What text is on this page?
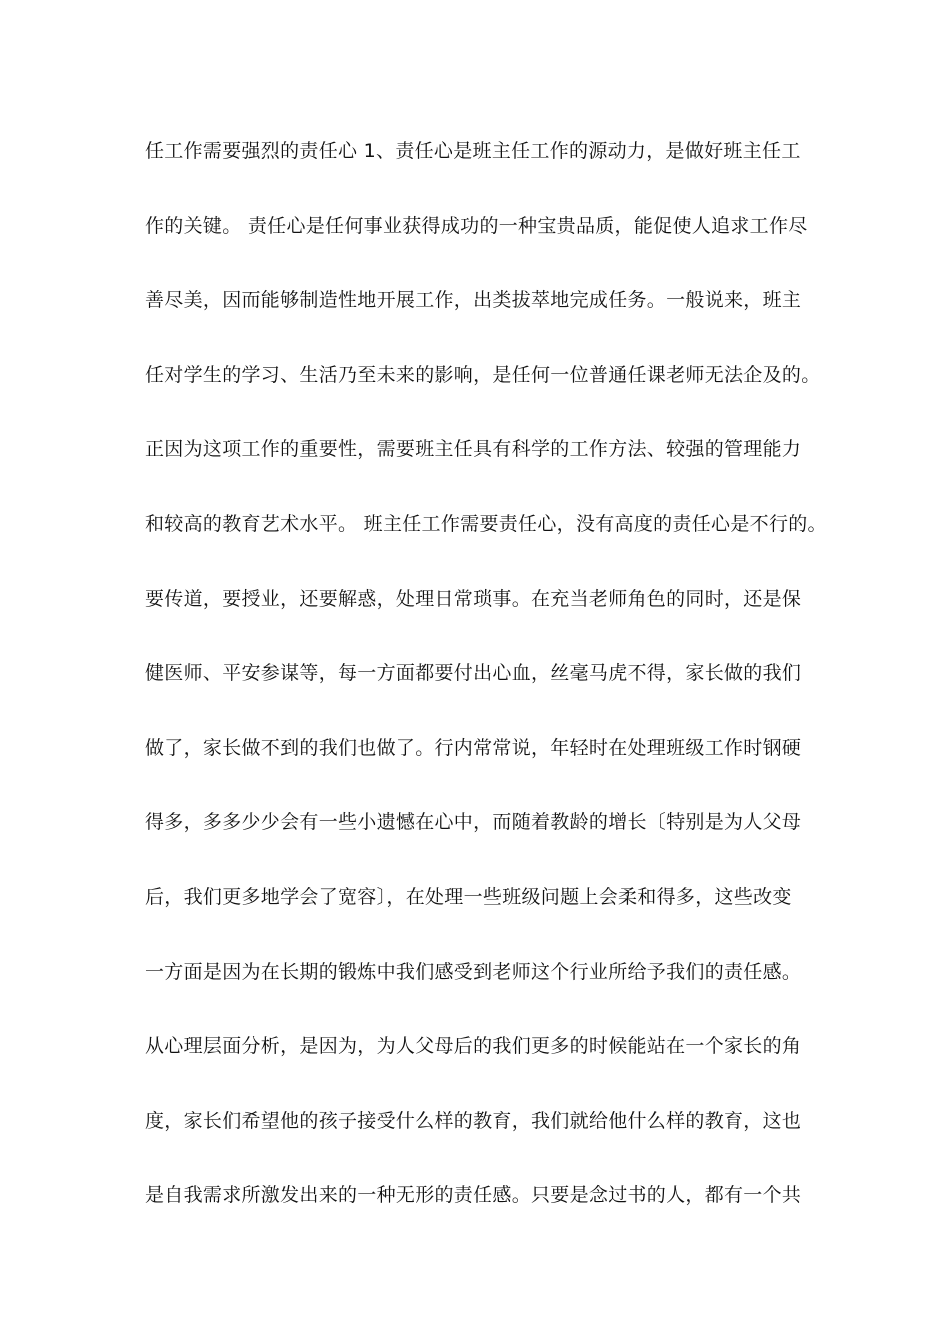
任工作需要强烈的责任心 1、责任心是班主任工作的源动力，是做好班主任工
作的关键。 责任心是任何事业获得成功的一种宝贵品质，能促使人追求工作尽
善尽美，因而能够制造性地开展工作，出类拔萃地完成任务。一般说来，班主
任对学生的学习、生活乃至未来的影响，是任何一位普通任课老师无法企及的。
正因为这项工作的重要性，需要班主任具有科学的工作方法、较强的管理能力
和较高的教育艺术水平。 班主任工作需要责任心，没有高度的责任心是不行的。
要传道，要授业，还要解惑，处理日常琐事。在充当老师角色的同时，还是保
健医师、平安参谋等，每一方面都要付出心血，丝毫马虎不得，家长做的我们
做了，家长做不到的我们也做了。行内常常说，年轻时在处理班级工作时钢硬
得多，多多少少会有一些小遗憾在心中，而随着教龄的增长〔特别是为人父母
后，我们更多地学会了宽容〕，在处理一些班级问题上会柔和得多，这些改变
一方面是因为在长期的锻炼中我们感受到老师这个行业所给予我们的责任感。
从心理层面分析，是因为，为人父母后的我们更多的时候能站在一个家长的角
度，家长们希望他的孩子接受什么样的教育，我们就给他什么样的教育，这也
是自我需求所激发出来的一种无形的责任感。只要是念过书的人，都有一个共
